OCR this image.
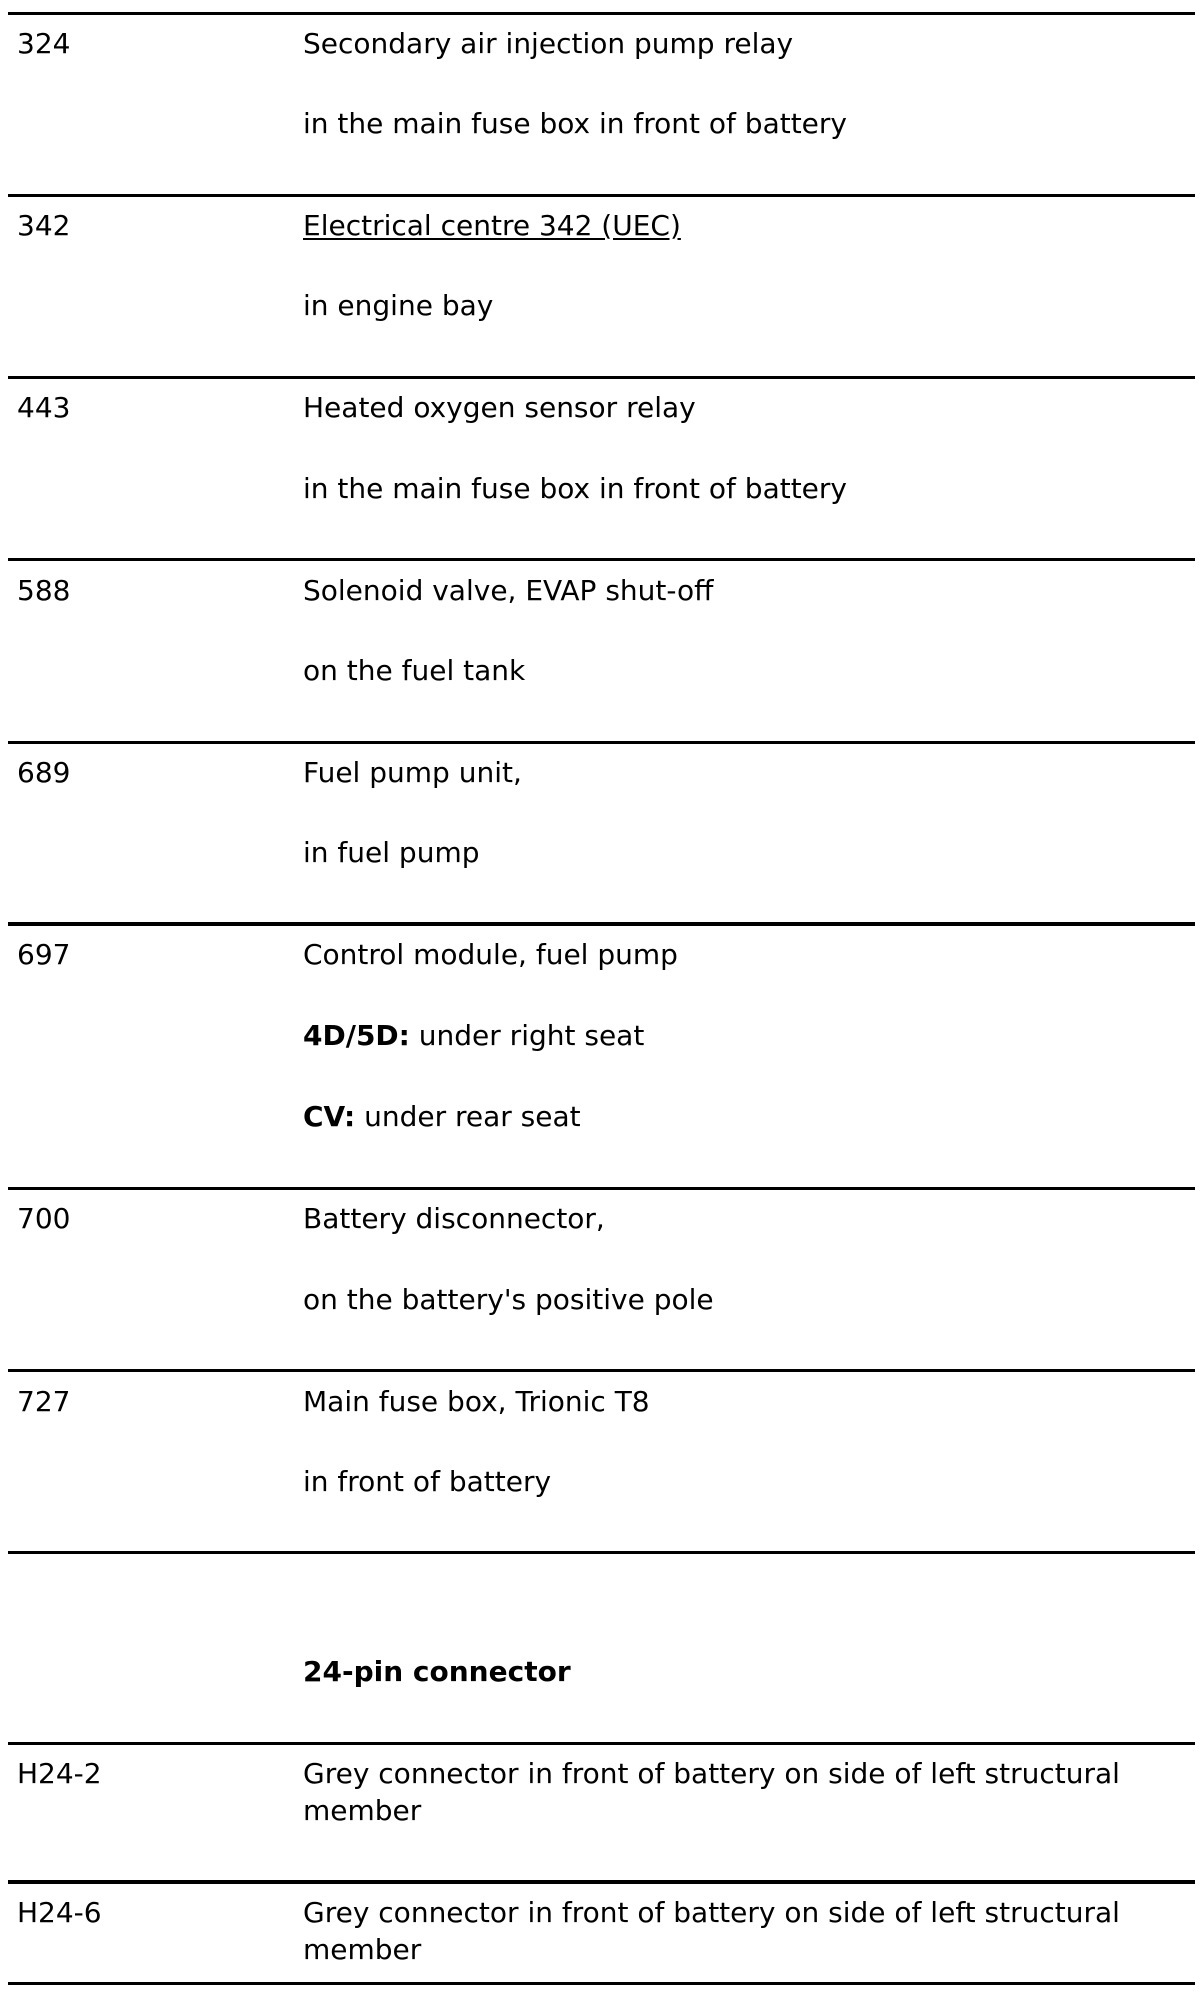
324	Secondary air injection pump relay
in the main fuse box in front of battery
342	Electrical centre 342 (UEC)
in engine bay
443	Heated oxygen sensor relay
in the main fuse box in front of battery
588	Solenoid valve, EVAP shut-off
on the fuel tank
689	Fuel pump unit,
in fuel pump
697	Control module, fuel pump
4D/5D: under right seat
CV: under rear seat
700	Battery disconnector,
on the battery's positive pole
727	Main fuse box, Trionic T8
in front of battery
24-pin connector
H24-2	Grey connector in front of battery on side of left structural member
H24-6	Grey connector in front of battery on side of left structural member
